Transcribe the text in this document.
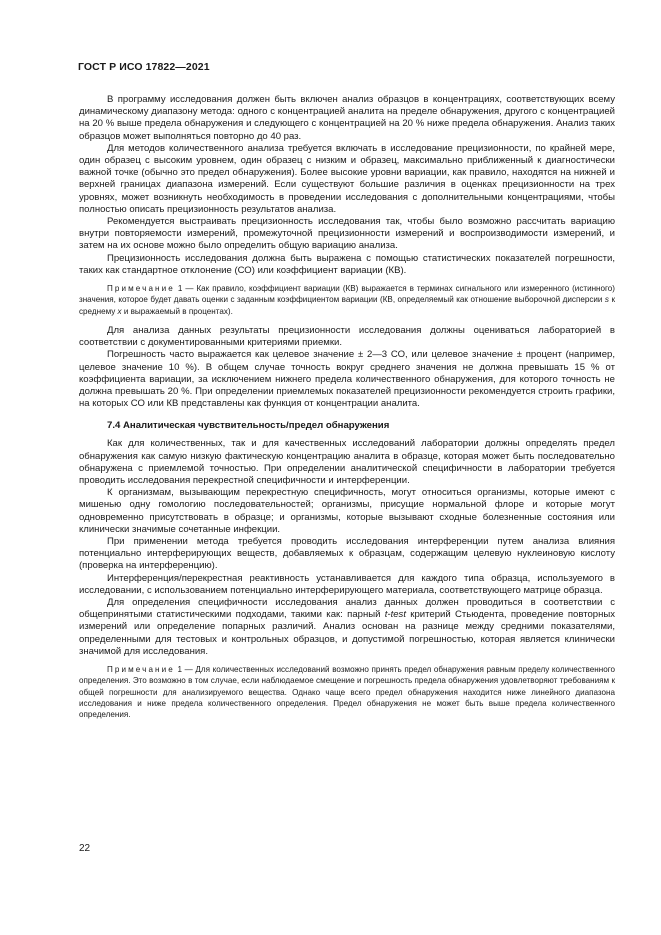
ГОСТ Р ИСО 17822—2021

В программу исследования должен быть включен анализ образцов в концентрациях, соответствующих всему динамическому диапазону метода: одного с концентрацией аналита на пределе обнаружения, другого с концентрацией на 20 % выше предела обнаружения и следующего с концентрацией на 20 % ниже предела обнаружения. Анализ таких образцов может выполняться повторно до 40 раз.

Для методов количественного анализа требуется включать в исследование прецизионности, по крайней мере, один образец с высоким уровнем, один образец с низким и образец, максимально приближенный к диагностически важной точке (обычно это предел обнаружения). Более высокие уровни вариации, как правило, находятся на нижней и верхней границах диапазона измерений. Если существуют большие различия в оценках прецизионности на трех уровнях, может возникнуть необходимость в проведении исследования с дополнительными концентрациями, чтобы полностью описать прецизионность результатов анализа.

Рекомендуется выстраивать прецизионность исследования так, чтобы было возможно рассчитать вариацию внутри повторяемости измерений, промежуточной прецизионности измерений и воспроизводимости измерений, и затем на их основе можно было определить общую вариацию анализа.

Прецизионность исследования должна быть выражена с помощью статистических показателей погрешности, таких как стандартное отклонение (СО) или коэффициент вариации (КВ).

Примечание 1 — Как правило, коэффициент вариации (КВ) выражается в терминах сигнального или измеренного (истинного) значения, которое будет давать оценки с заданным коэффициентом вариации (КВ, определяемый как отношение выборочной дисперсии s к среднему x и выражаемый в процентах).

Для анализа данных результаты прецизионности исследования должны оцениваться лабораторией в соответствии с документированными критериями приемки.

Погрешность часто выражается как целевое значение ± 2—3 СО, или целевое значение ± процент (например, целевое значение 10 %). В общем случае точность вокруг среднего значения не должна превышать 15 % от коэффициента вариации, за исключением нижнего предела количественного обнаружения, для которого точность не должна превышать 20 %. При определении приемлемых показателей прецизионности рекомендуется строить графики, на которых СО или КВ представлены как функция от концентрации аналита.

7.4 Аналитическая чувствительность/предел обнаружения

Как для количественных, так и для качественных исследований лаборатории должны определять предел обнаружения как самую низкую фактическую концентрацию аналита в образце, которая может быть последовательно обнаружена с приемлемой точностью. При определении аналитической специфичности в лаборатории требуется проводить исследования перекрестной специфичности и интерференции.

К организмам, вызывающим перекрестную специфичность, могут относиться организмы, которые имеют с мишенью одну гомологию последовательностей; организмы, присущие нормальной флоре и которые могут одновременно присутствовать в образце; и организмы, которые вызывают сходные болезненные состояния или клинически значимые сочетанные инфекции.

При применении метода требуется проводить исследования интерференции путем анализа влияния потенциально интерферирующих веществ, добавляемых к образцам, содержащим целевую нуклеиновую кислоту (проверка на интерференцию).

Интерференция/перекрестная реактивность устанавливается для каждого типа образца, используемого в исследовании, с использованием потенциально интерферирующего материала, соответствующего матрице образца.

Для определения специфичности исследования анализ данных должен проводиться в соответствии с общепринятыми статистическими подходами, такими как: парный t-test критерий Стьюдента, проведение повторных измерений или определение попарных различий. Анализ основан на разнице между средними показателями, определенными для тестовых и контрольных образцов, и допустимой погрешностью, которая является клинически значимой для исследования.

Примечание 1 — Для количественных исследований возможно принять предел обнаружения равным пределу количественного определения. Это возможно в том случае, если наблюдаемое смещение и погрешность предела обнаружения удовлетворяют требованиям к общей погрешности для анализируемого вещества. Однако чаще всего предел обнаружения находится ниже линейного диапазона исследования и ниже предела количественного определения. Предел обнаружения не может быть выше предела количественного определения.

22
